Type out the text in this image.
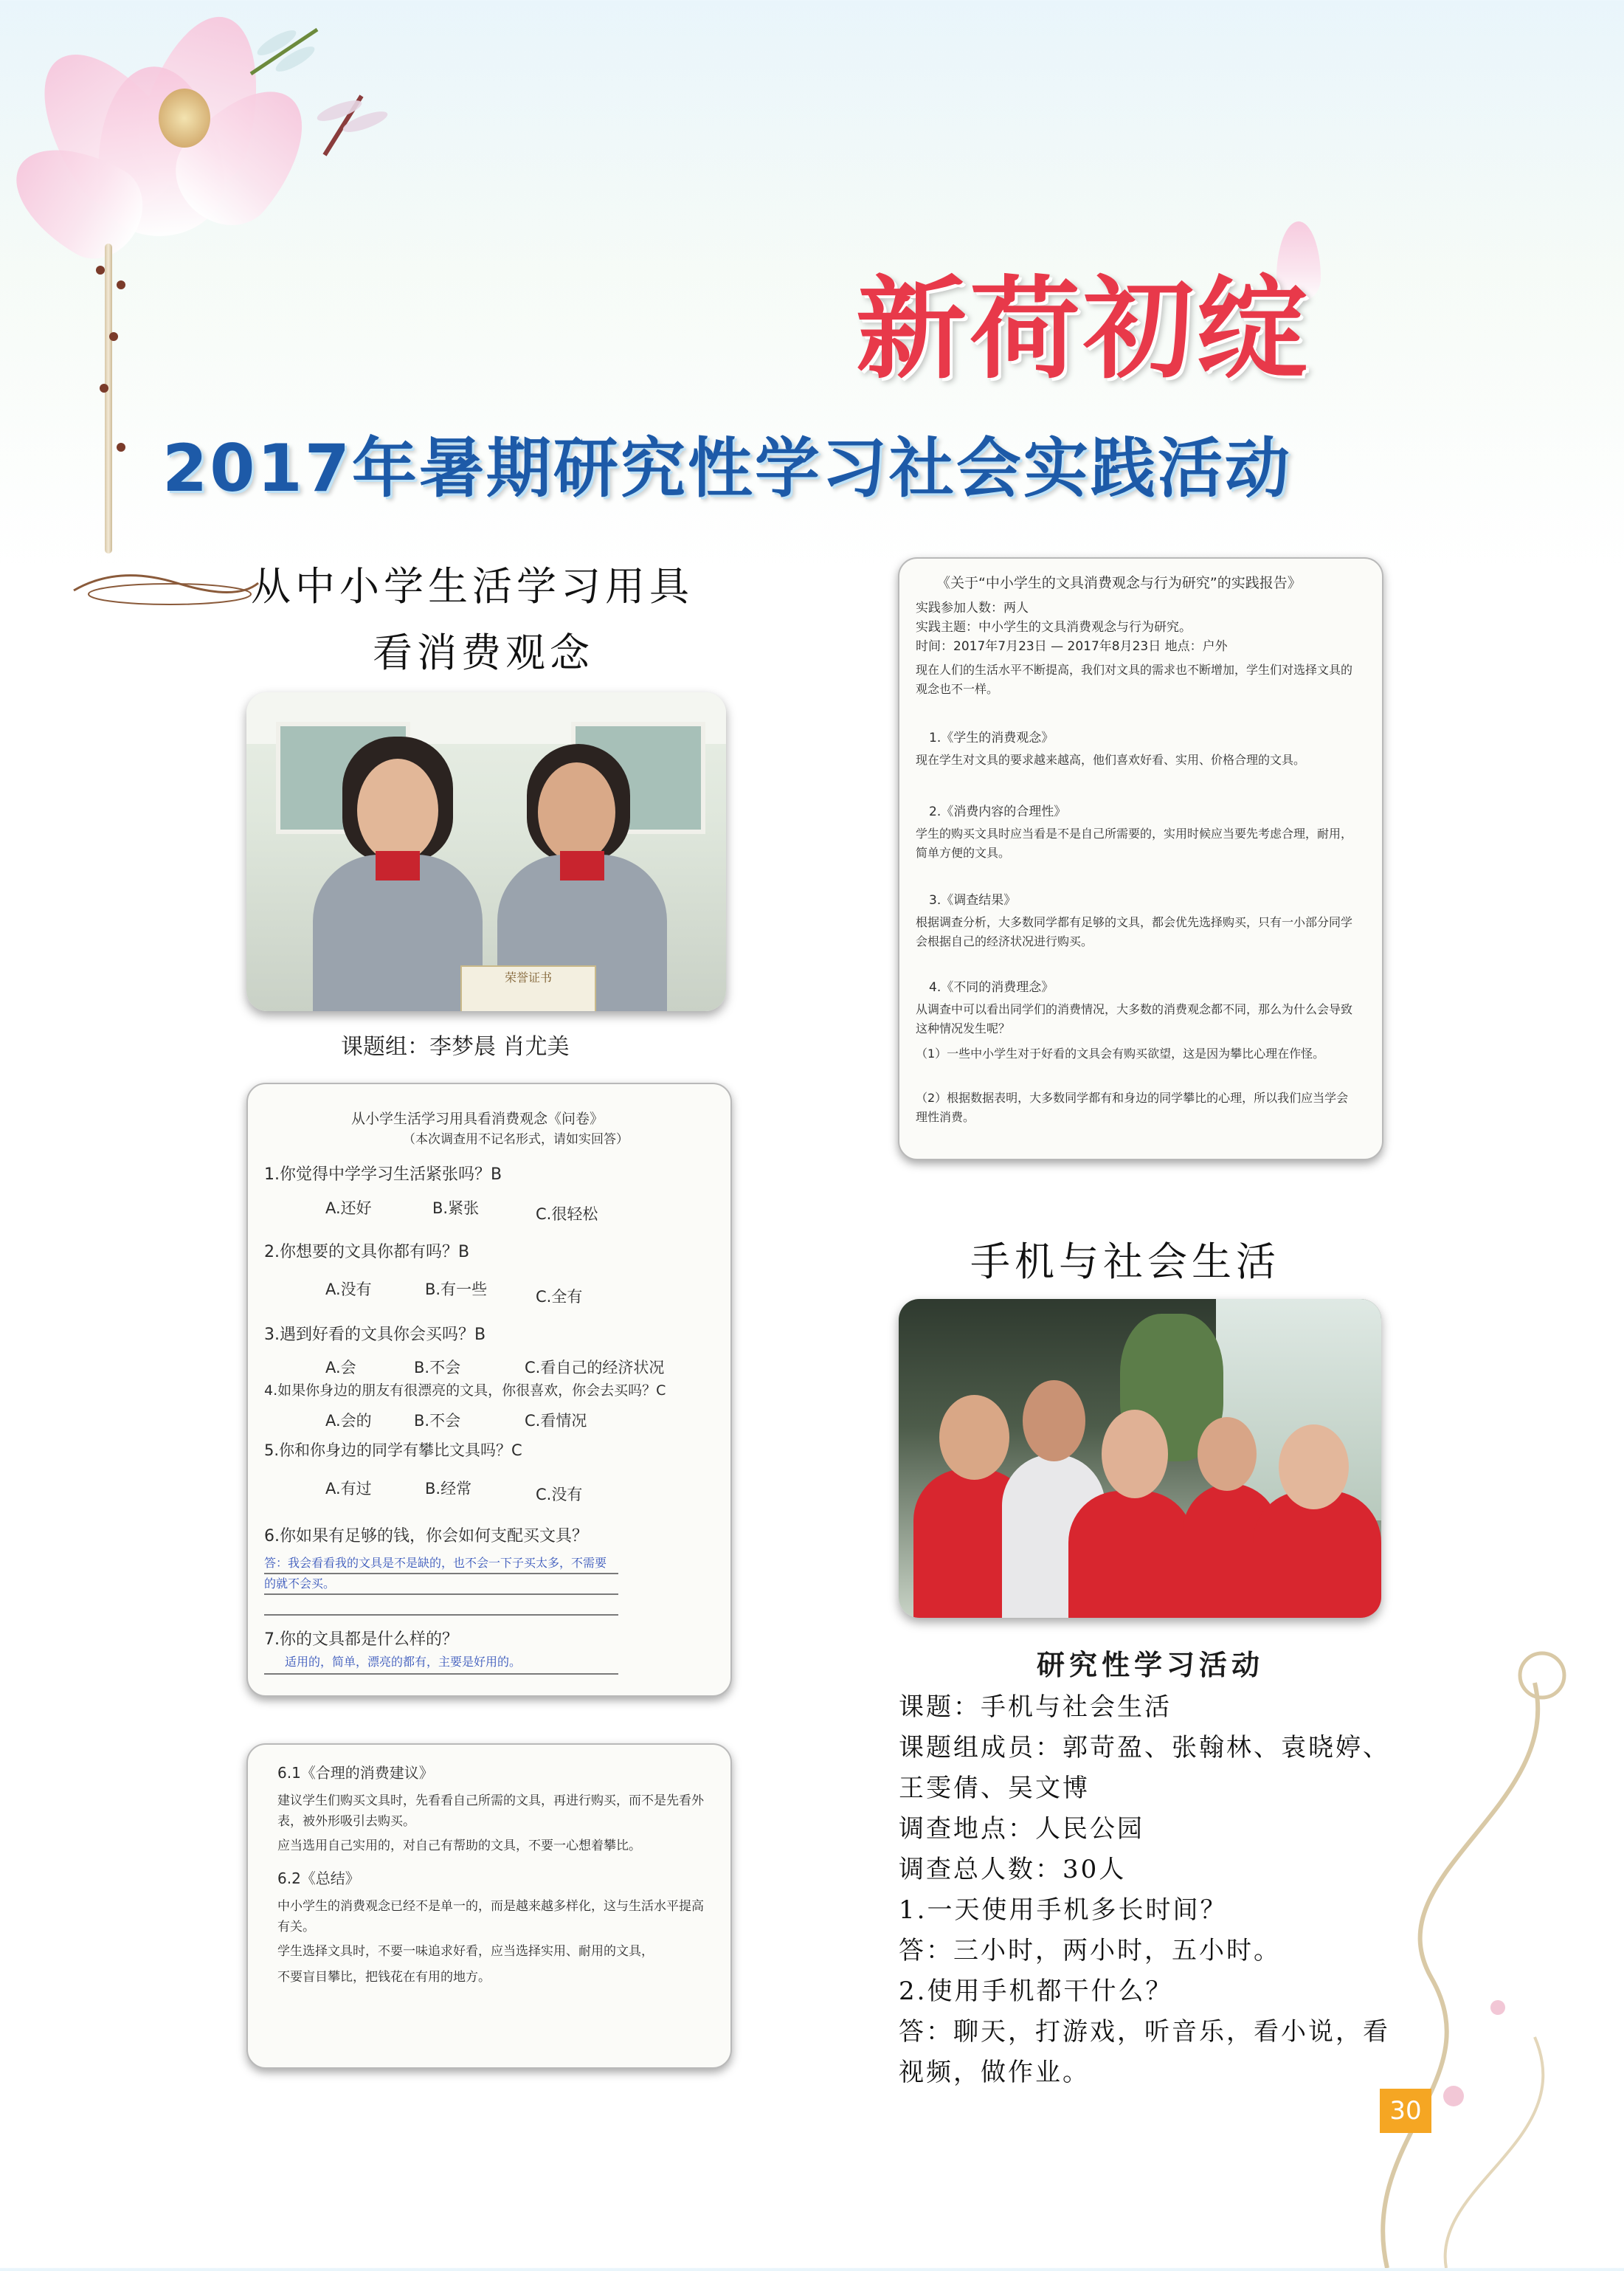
新荷初绽
2017年暑期研究性学习社会实践活动
从中小学生活学习用具
看消费观念
荣誉证书
课题组：李梦晨 肖尤美
从小学生活学习用具看消费观念《问卷》
（本次调查用不记名形式，请如实回答）
1.你觉得中学学习生活紧张吗？B
A.还好	B.紧张	C.很轻松
2.你想要的文具你都有吗？B
A.没有	B.有一些	C.全有
3.遇到好看的文具你会买吗？B
A.会	B.不会	C.看自己的经济状况
4.如果你身边的朋友有很漂亮的文具，你很喜欢，你会去买吗？C
A.会的	B.不会	C.看情况
5.你和你身边的同学有攀比文具吗？C
A.有过	B.经常	C.没有
6.你如果有足够的钱，你会如何支配买文具？
答：我会看看我的文具是不是缺的，也不会一下子买太多，不需要的就不会买。
7.你的文具都是什么样的？
适用的，简单，漂亮的都有，主要是好用的。
6.1《合理的消费建议》
建议学生们购买文具时，先看看自己所需的文具，再进行购买，而不是先看外表，被外形吸引去购买。
应当选用自己实用的，对自己有帮助的文具，不要一心想着攀比。
6.2《总结》
中小学生的消费观念已经不是单一的，而是越来越多样化，这与生活水平提高有关。
学生选择文具时，不要一味追求好看，应当选择实用、耐用的文具，
不要盲目攀比，把钱花在有用的地方。
《关于“中小学生的文具消费观念与行为研究”的实践报告》
实践参加人数：两人
实践主题：中小学生的文具消费观念与行为研究。
时间：2017年7月23日 — 2017年8月23日 地点：户外
现在人们的生活水平不断提高，我们对文具的需求也不断增加，学生们对选择文具的观念也不一样。
1.《学生的消费观念》
现在学生对文具的要求越来越高，他们喜欢好看、实用、价格合理的文具。
2.《消费内容的合理性》
学生的购买文具时应当看是不是自己所需要的，实用时候应当要先考虑合理，耐用，简单方便的文具。
3.《调查结果》
根据调查分析，大多数同学都有足够的文具，都会优先选择购买，只有一小部分同学会根据自己的经济状况进行购买。
4.《不同的消费理念》
从调查中可以看出同学们的消费情况，大多数的消费观念都不同，那么为什么会导致这种情况发生呢？
（1）一些中小学生对于好看的文具会有购买欲望，这是因为攀比心理在作怪。
（2）根据数据表明，大多数同学都有和身边的同学攀比的心理，所以我们应当学会理性消费。
手机与社会生活
研究性学习活动
课题：手机与社会生活
课题组成员：郭苛盈、张翰林、袁晓婷、
王雯倩、吴文博
调查地点：人民公园
调查总人数：30人
1.一天使用手机多长时间？
答：三小时，两小时，五小时。
2.使用手机都干什么？
答：聊天，打游戏，听音乐，看小说，看
视频，做作业。
30
